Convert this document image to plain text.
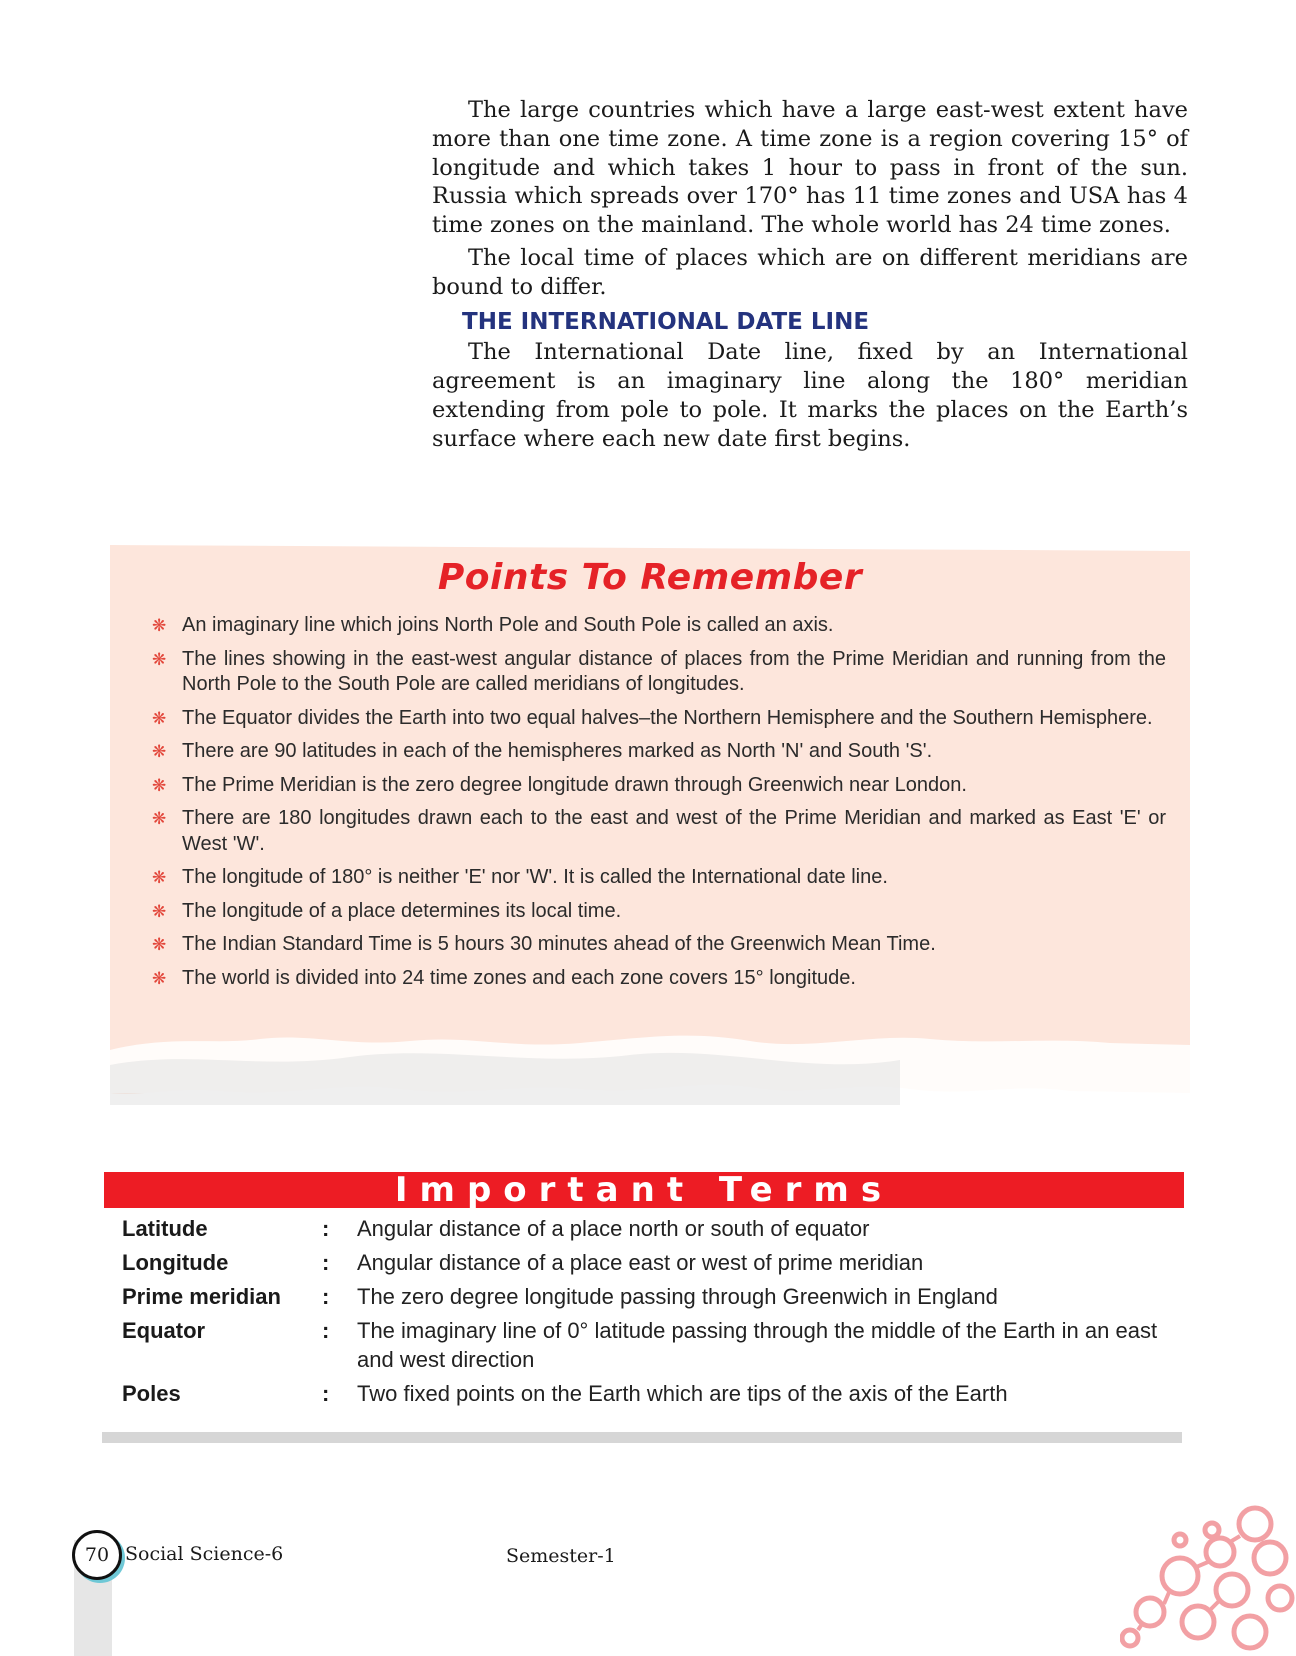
The large countries which have a large east-west extent have more than one time zone. A time zone is a region covering 15° of longitude and which takes 1 hour to pass in front of the sun. Russia which spreads over 170° has 11 time zones and USA has 4 time zones on the mainland. The whole world has 24 time zones.

The local time of places which are on different meridians are bound to differ.

THE INTERNATIONAL DATE LINE

The International Date line, fixed by an International agreement is an imaginary line along the 180° meridian extending from pole to pole. It marks the places on the Earth’s surface where each new date first begins.

Points To Remember
❋ An imaginary line which joins North Pole and South Pole is called an axis.
❋ The lines showing in the east-west angular distance of places from the Prime Meridian and running from the North Pole to the South Pole are called meridians of longitudes.
❋ The Equator divides the Earth into two equal halves–the Northern Hemisphere and the Southern Hemisphere.
❋ There are 90 latitudes in each of the hemispheres marked as North 'N' and South 'S'.
❋ The Prime Meridian is the zero degree longitude drawn through Greenwich near London.
❋ There are 180 longitudes drawn each to the east and west of the Prime Meridian and marked as East 'E' or West 'W'.
❋ The longitude of 180° is neither 'E' nor 'W'. It is called the International date line.
❋ The longitude of a place determines its local time.
❋ The Indian Standard Time is 5 hours 30 minutes ahead of the Greenwich Mean Time.
❋ The world is divided into 24 time zones and each zone covers 15° longitude.
Important Terms
Latitude	: Angular distance of a place north or south of equator
Longitude	: Angular distance of a place east or west of prime meridian
Prime meridian : The zero degree longitude passing through Greenwich in England
Equator	: The imaginary line of 0° latitude passing through the middle of the Earth in an east and west direction
Poles	: Two fixed points on the Earth which are tips of the axis of the Earth
70 Social Science-6	Semester-1
